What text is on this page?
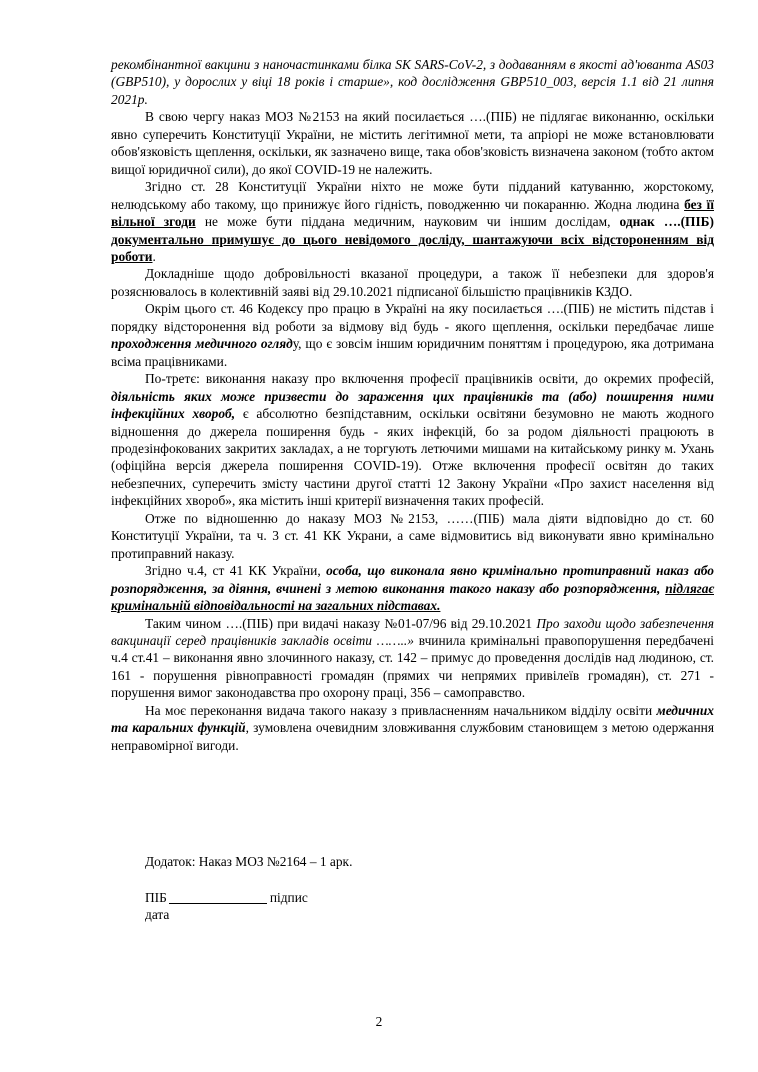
рекомбінантної вакцини з наночастинками білка SK SARS-CoV-2, з додаванням в якості ад'юванта AS03 (GBP510), у дорослих у віці 18 років і старше», код дослідження GBP510_003, версія 1.1 від 21 липня 2021р.

В свою чергу наказ МОЗ №2153 на який посилається ….(ПІБ) не підлягає виконанню, оскільки явно суперечить Конституції України, не містить легітимної мети, та апріорі не може встановлювати обов'язковість щеплення, оскільки, як зазначено вище, така обов'зковість визначена законом (тобто актом вищої юридичної сили), до якої COVID-19 не належить.

Згідно ст. 28 Конституції України ніхто не може бути підданий катуванню, жорстокому, нелюдському або такому, що принижує його гідність, поводженню чи покаранню. Жодна людина без її вільної згоди не може бути піддана медичним, науковим чи іншим дослідам, однак ….(ПІБ) документально примушує до цього невідомого досліду, шантажуючи всіх відстороненням від роботи.

Докладніше щодо добровільності вказаної процедури, а також її небезпеки для здоров'я розяснювалось в колективній заяві від 29.10.2021 підписаної більшістю працівників КЗДО.

Окрім цього ст. 46 Кодексу про працю в Україні на яку посилається ….(ПІБ) не містить підстав і порядку відсторонення від роботи за відмову від будь - якого щеплення, оскільки передбачає лише проходження медичного огляду, що є зовсім іншим юридичним поняттям і процедурою, яка дотримана всіма працівниками.

По-третє: виконання наказу про включення професії працівників освіти, до окремих професій, діяльність яких може призвести до зараження цих працівників та (або) поширення ними інфекційних хвороб, є абсолютно безпідставним, оскільки освітяни безумовно не мають жодного відношення до джерела поширення будь - яких інфекцій, бо за родом діяльності працюють в продезінфокованих закритих закладах, а не торгують летючими мишами на китайському ринку м. Ухань (офіційна версія джерела поширення COVID-19). Отже включення професії освітян до таких небезпечних, суперечить змісту частини другої статті 12 Закону України «Про захист населення від інфекційних хвороб», яка містить інші критерії визначення таких професій.

Отже по відношенню до наказу МОЗ №2153, ……(ПІБ) мала діяти відповідно до ст. 60 Конституції України, та ч. 3 ст. 41 КК Укрaни, а саме відмовитись від виконувати явно кримінально протиправний наказу.

Згідно ч.4, ст 41 КК України, особа, що виконала явно кримінально протиправний наказ або розпорядження, за діяння, вчинені з метою виконання такого наказу або розпорядження, підлягає кримінальній відповідальності на загальних підставах.

Таким чином ….(ПІБ) при видачі наказу №01-07/96 від 29.10.2021 Про заходи щодо забезпечення вакцинації серед працівників закладів освіти ……..» вчинила кримінальні правопорушення передбачені ч.4 ст.41 – виконання явно злочинного наказу, ст. 142 – примус до проведення дослідів над людиною, ст. 161 - порушення рівноправності громадян (прямих чи непрямих привілеїв громадян), ст. 271 - порушення вимог законодавства про охорону праці, 356 – самоправство.

На моє переконання видача такого наказу з привласненням начальником відділу освіти медичних та каральних функцій, зумовлена очевидним зловживання службовим становищем з метою одержання неправомірної вигоди.

Додаток: Наказ МОЗ №2164 – 1 арк.
ПІБ	підпис
дата
2
